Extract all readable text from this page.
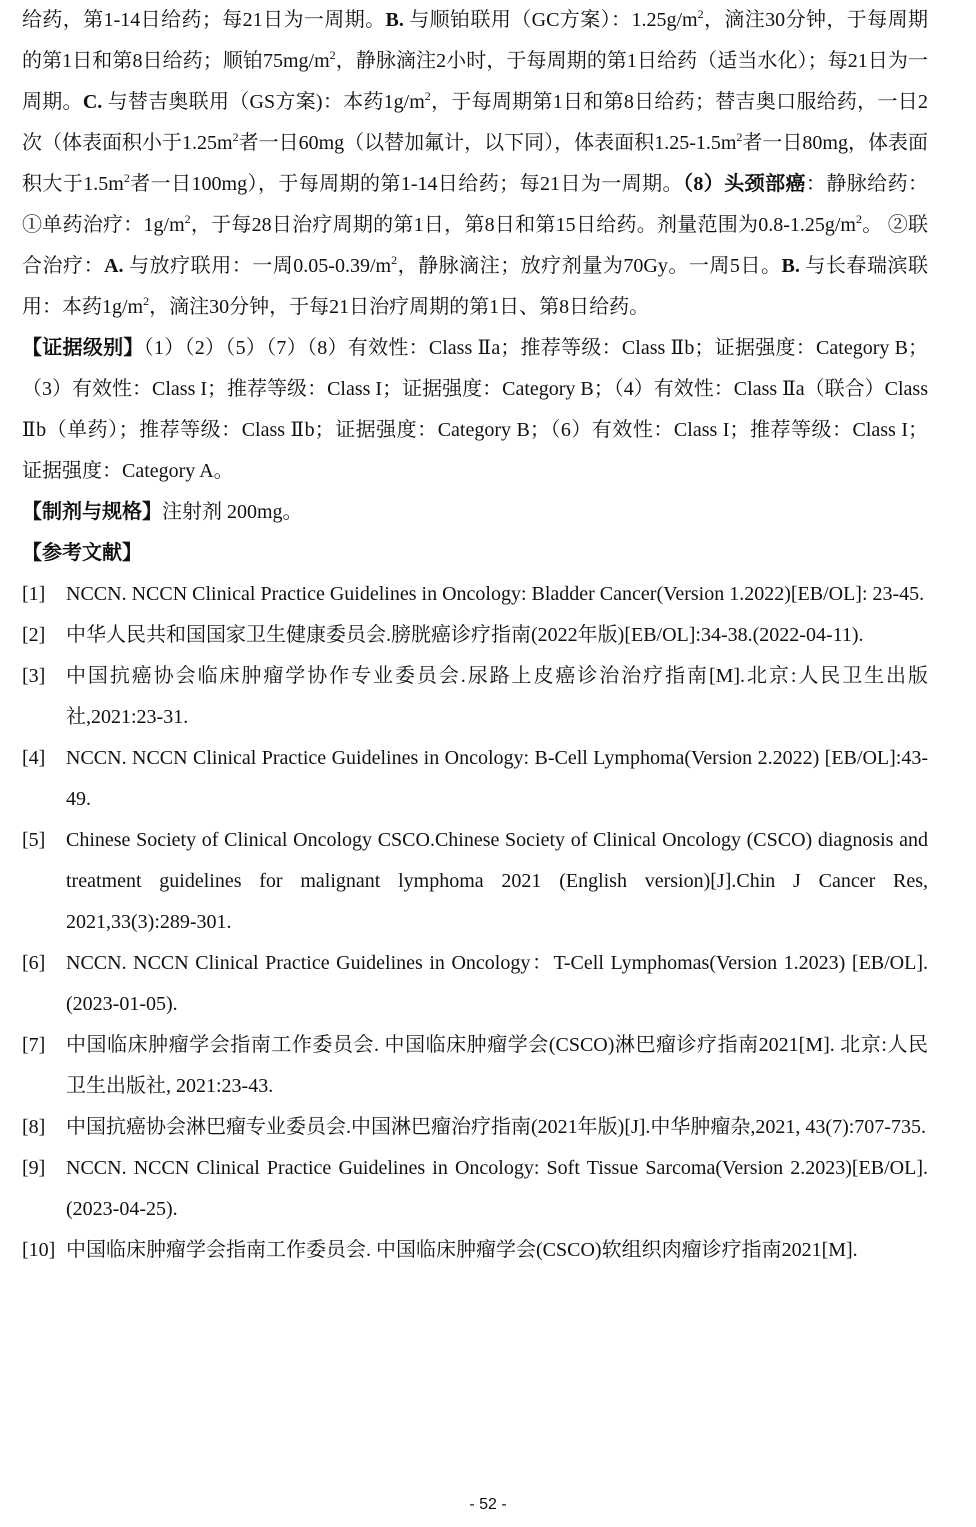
给药，第1-14日给药；每21日为一周期。B. 与顺铂联用（GC方案）：$1.25g/m^2$，滴注30分钟，于每周期的第1日和第8日给药；顺铂$75mg/m^2$，静脉滴注2小时，于每周期的第1日给药（适当水化）；每21日为一周期。C. 与替吉奥联用（GS方案)：本药$1g/m^2$，于每周期第1日和第8日给药；替吉奥口服给药，一日2次（体表面积小于$1.25m^2$者一日60mg（以替加氟计，以下同），体表面积$1.25-1.5m^2$者一日80mg，体表面积大于$1.5m^2$者一日100mg），于每周期的第1-14日给药；每21日为一周期。（8）头颈部癌：静脉给药：①单药治疗：$1g/m^2$，于每28日治疗周期的第1日，第8日和第15日给药。剂量范围为$0.8-1.25g/m^2$。 ②联合治疗：A. 与放疗联用：一周$0.05-0.39/m^2$，静脉滴注；放疗剂量为70Gy。一周5日。B. 与长春瑞滨联用：本药$1g/m^2$，滴注30分钟，于每21日治疗周期的第1日、第8日给药。

【证据级别】（1）（2）（5）（7）（8）有效性：Class Ⅱa；推荐等级：Class Ⅱb；证据强度：Category B；（3）有效性：Class I；推荐等级：Class I；证据强度：Category B；（4）有效性：Class Ⅱa（联合）Class Ⅱb（单药）；推荐等级：Class Ⅱb；证据强度：Category B；（6）有效性：Class I；推荐等级：Class I；证据强度：Category A。

【制剂与规格】注射剂 200mg。

【参考文献】

[1]	NCCN. NCCN Clinical Practice Guidelines in Oncology: Bladder Cancer(Version 1.2022)[EB/OL]: 23-45.
[2]	中华人民共和国国家卫生健康委员会.膀胱癌诊疗指南(2022年版)[EB/OL]:34-38.(2022-04-11).
[3]	中国抗癌协会临床肿瘤学协作专业委员会.尿路上皮癌诊治治疗指南[M].北京:人民卫生出版社,2021:23-31.
[4]	NCCN. NCCN Clinical Practice Guidelines in Oncology: B-Cell Lymphoma(Version 2.2022) [EB/OL]:43-49.
[5]	Chinese Society of Clinical Oncology CSCO.Chinese Society of Clinical Oncology (CSCO) diagnosis and treatment guidelines for malignant lymphoma 2021 (English version)[J].Chin J Cancer Res, 2021,33(3):289-301.
[6]	NCCN. NCCN Clinical Practice Guidelines in Oncology：T-Cell Lymphomas(Version 1.2023) [EB/OL].(2023-01-05).
[7]	中国临床肿瘤学会指南工作委员会. 中国临床肿瘤学会(CSCO)淋巴瘤诊疗指南2021[M]. 北京:人民卫生出版社, 2021:23-43.
[8]	中国抗癌协会淋巴瘤专业委员会.中国淋巴瘤治疗指南(2021年版)[J].中华肿瘤杂,2021, 43(7):707-735.
[9]	NCCN. NCCN Clinical Practice Guidelines in Oncology: Soft Tissue Sarcoma(Version 2.2023)[EB/OL].(2023-04-25).
[10] 中国临床肿瘤学会指南工作委员会. 中国临床肿瘤学会(CSCO)软组织肉瘤诊疗指南2021[M].
- 52 -
